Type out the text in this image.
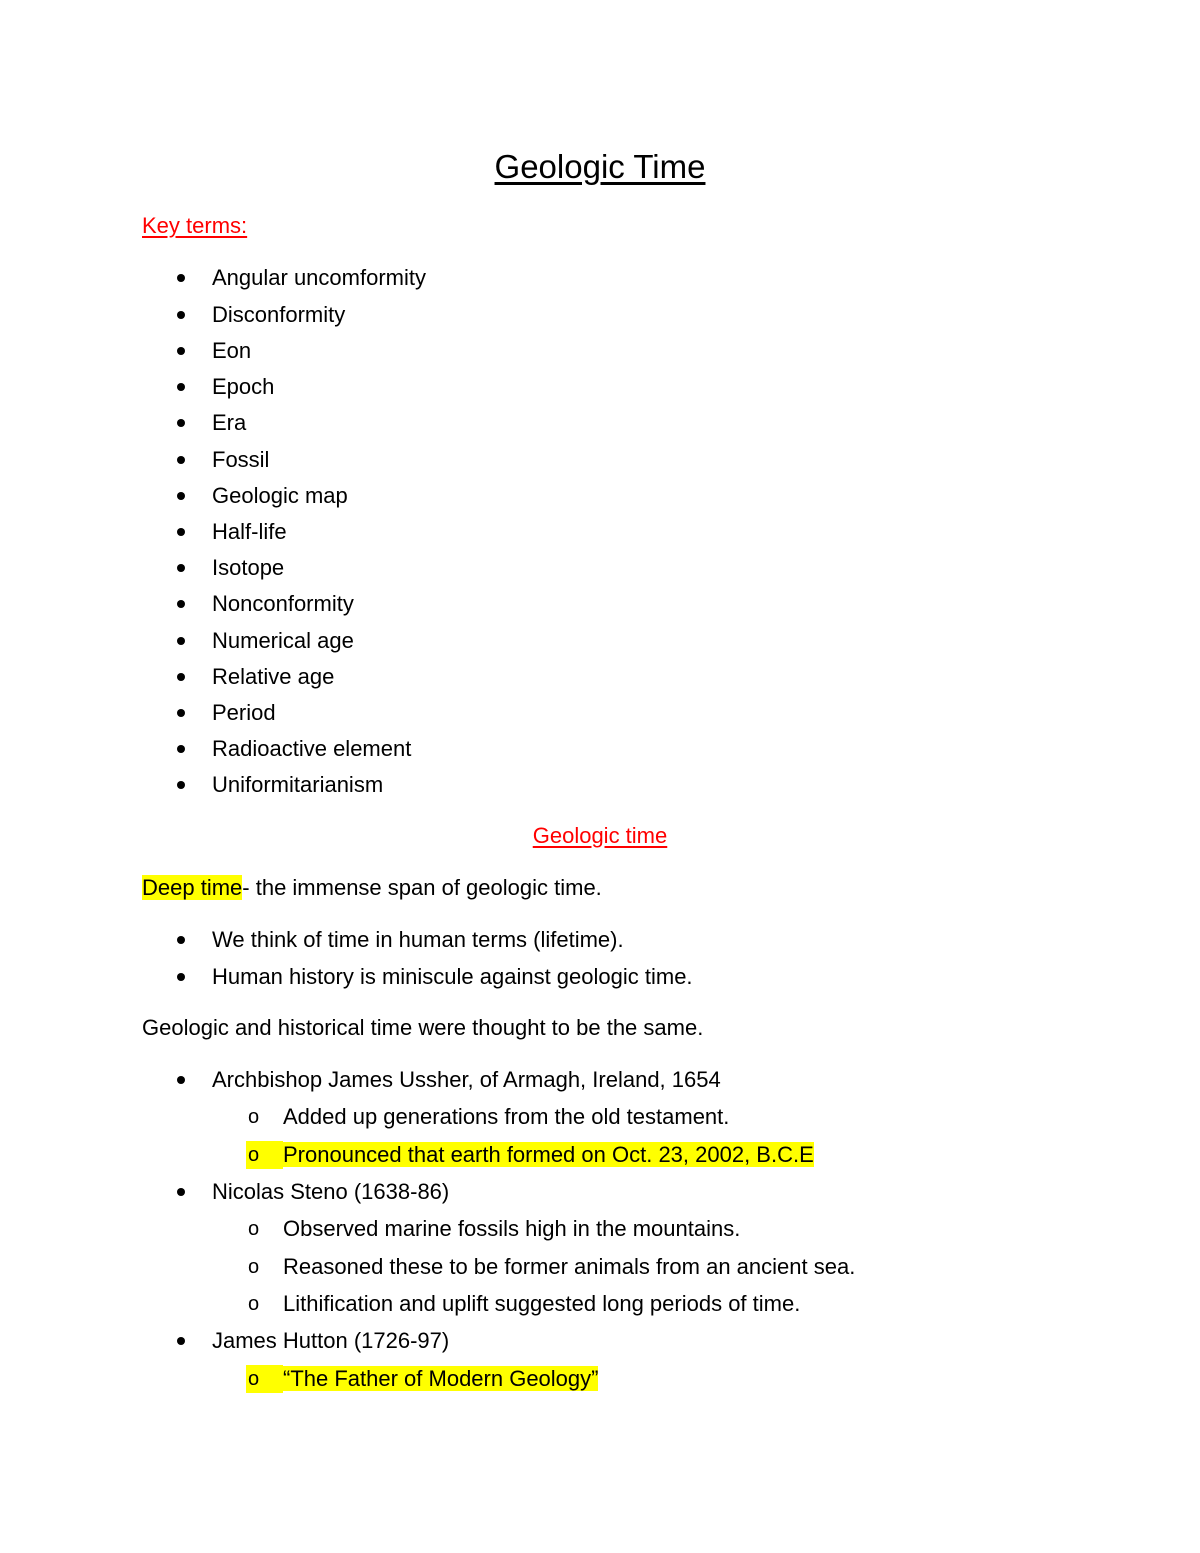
Geologic Time
Key terms:
Angular uncomformity
Disconformity
Eon
Epoch
Era
Fossil
Geologic map
Half-life
Isotope
Nonconformity
Numerical age
Relative age
Period
Radioactive element
Uniformitarianism
Geologic time
Deep time- the immense span of geologic time.
We think of time in human terms (lifetime).
Human history is miniscule against geologic time.
Geologic and historical time were thought to be the same.
Archbishop James Ussher, of Armagh, Ireland, 1654
o Added up generations from the old testament.
o Pronounced that earth formed on Oct. 23, 2002, B.C.E
Nicolas Steno (1638-86)
o Observed marine fossils high in the mountains.
o Reasoned these to be former animals from an ancient sea.
o Lithification and uplift suggested long periods of time.
James Hutton (1726-97)
o “The Father of Modern Geology”
